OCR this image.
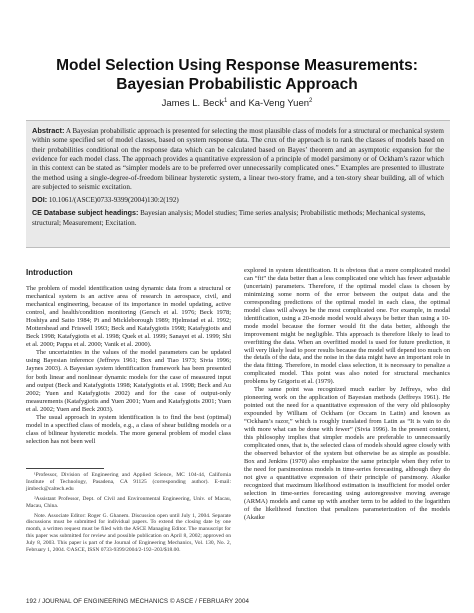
Model Selection Using Response Measurements:
Bayesian Probabilistic Approach
James L. Beck$^1$ and Ka-Veng Yuen$^2$

Abstract: A Bayesian probabilistic approach is presented for selecting the most plausible class of models for a structural or mechanical system within some specified set of model classes, based on system response data. The crux of the approach is to rank the classes of models based on their probabilities conditional on the response data which can be calculated based on Bayes’ theorem and an asymptotic expansion for the evidence for each model class. The approach provides a quantitative expression of a principle of model parsimony or of Ockham’s razor which in this context can be stated as “simpler models are to be preferred over unnecessarily complicated ones.” Examples are presented to illustrate the method using a single-degree-of-freedom bilinear hysteretic system, a linear two-story frame, and a ten-story shear building, all of which are subjected to seismic excitation.

DOI: 10.1061/(ASCE)0733-9399(2004)130:2(192)

CE Database subject headings: Bayesian analysis; Model studies; Time series analysis; Probabilistic methods; Mechanical systems, structural; Measurement; Excitation.

Introduction

The problem of model identification using dynamic data from a structural or mechanical system is an active area of research in aerospace, civil, and mechanical engineering, because of its importance in model updating, active control, and health/condition monitoring (Gersch et al. 1976; Beck 1978; Hoshiya and Saito 1984; Pi and Mickleborough 1989; Hjelmstad et al. 1992; Mottershead and Friswell 1993; Beck and Katafygiotis 1998; Katafygiotis and Beck 1998; Katafygiotis et al. 1998; Quek et al. 1999; Sanayei et al. 1999; Shi et al. 2000; Pappa et al. 2000; Vanik et al. 2000).

The uncertainties in the values of the model parameters can be updated using Bayesian inference (Jeffreys 1961; Box and Tiao 1973; Sivia 1996; Jaynes 2003). A Bayesian system identification framework has been presented for both linear and nonlinear dynamic models for the case of measured input and output (Beck and Katafygiotis 1998; Katafygiotis et al. 1998; Beck and Au 2002; Yuen and Katafygiotis 2002) and for the case of output-only measurements (Katafygiotis and Yuen 2001; Yuen and Katafygiotis 2001; Yuen et al. 2002; Yuen and Beck 2003).

The usual approach in system identification is to find the best (optimal) model in a specified class of models, e.g., a class of shear building models or a class of bilinear hysteretic models. The more general problem of model class selection has not been well

¹Professor, Division of Engineering and Applied Science, MC 104-44, California Institute of Technology, Pasadena, CA 91125 (corresponding author). E-mail: jimbeck@caltech.edu

²Assistant Professor, Dept. of Civil and Environmental Engineering, Univ. of Macau, Macau, China.

Note. Associate Editor: Roger G. Ghanem. Discussion open until July 1, 2004. Separate discussions must be submitted for individual papers. To extend the closing date by one month, a written request must be filed with the ASCE Managing Editor. The manuscript for this paper was submitted for review and possible publication on April 8, 2002; approved on July 8, 2003. This paper is part of the Journal of Engineering Mechanics, Vol. 130, No. 2, February 1, 2004. ©ASCE, ISSN 0733-9399/2004/2-192–203/$18.00.

explored in system identification. It is obvious that a more complicated model can “fit” the data better than a less complicated one which has fewer adjustable (uncertain) parameters. Therefore, if the optimal model class is chosen by minimizing some norm of the error between the output data and the corresponding predictions of the optimal model in each class, the optimal model class will always be the most complicated one. For example, in modal identification, using a 20-mode model would always be better than using a 10-mode model because the former would fit the data better, although the improvement might be negligible. This approach is therefore likely to lead to overfitting the data. When an overfitted model is used for future prediction, it will very likely lead to poor results because the model will depend too much on the details of the data, and the noise in the data might have an important role in the data fitting. Therefore, in model class selection, it is necessary to penalize a complicated model. This point was also noted for structural mechanics problems by Grigoriu et al. (1979).

The same point was recognized much earlier by Jeffreys, who did pioneering work on the application of Bayesian methods (Jeffreys 1961). He pointed out the need for a quantitative expression of the very old philosophy expounded by William of Ockham (or Occam in Latin) and known as “Ockham’s razor,” which is roughly translated from Latin as “It is vain to do with more what can be done with fewer” (Sivia 1996). In the present context, this philosophy implies that simpler models are preferable to unnecessarily complicated ones, that is, the selected class of models should agree closely with the observed behavior of the system but otherwise be as simple as possible. Box and Jenkins (1970) also emphasize the same principle when they refer to the need for parsimonious models in time-series forecasting, although they do not give a quantitative expression of their principle of parsimony. Akaike recognized that maximum likelihood estimation is insufficient for model order selection in time-series forecasting using autoregressive moving average (ARMA) models and came up with another term to be added to the logarithm of the likelihood function that penalizes parameterization of the models (Akaike

192 / JOURNAL OF ENGINEERING MECHANICS © ASCE / FEBRUARY 2004
